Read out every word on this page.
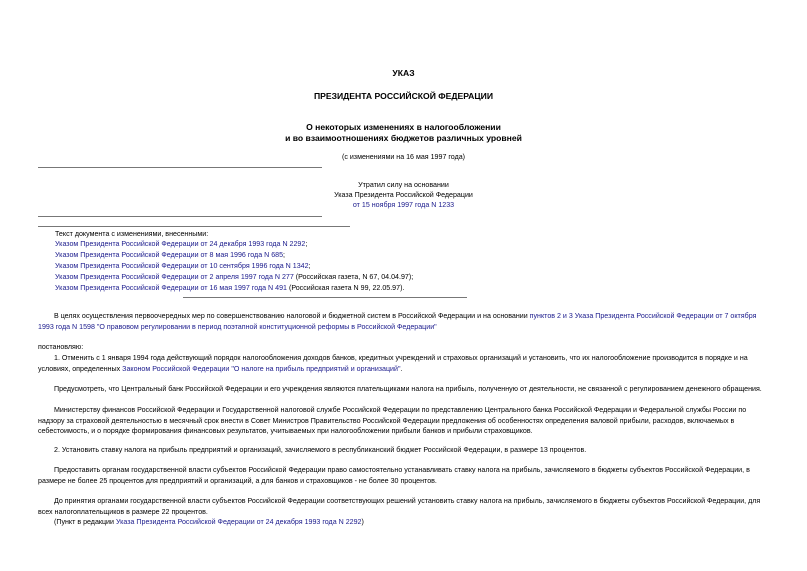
УКАЗ
ПРЕЗИДЕНТА РОССИЙСКОЙ ФЕДЕРАЦИИ
О некоторых изменениях в налогообложении
и во взаимоотношениях бюджетов различных уровней
(с изменениями на 16 мая 1997 года)
Утратил силу на основании
Указа Президента Российской Федерации
от 15 ноября 1997 года N 1233
Текст документа с изменениями, внесенными:
Указом Президента Российской Федерации от 24 декабря 1993 года N 2292;
Указом Президента Российской Федерации от 8 мая 1996 года N 685;
Указом Президента Российской Федерации от 10 сентября 1996 года N 1342;
Указом Президента Российской Федерации от 2 апреля 1997 года N 277 (Российская газета, N 67, 04.04.97);
Указом Президента Российской Федерации от 16 мая 1997 года N 491 (Российская газета N 99, 22.05.97).
В целях осуществления первоочередных мер по совершенствованию налоговой и бюджетной систем в Российской Федерации и на основании пунктов 2 и 3 Указа Президента Российской Федерации от 7 октября 1993 года N 1598 "О правовом регулировании в период поэтапной конституционной реформы в Российской Федерации"
постановляю:
1. Отменить с 1 января 1994 года действующий порядок налогообложения доходов банков, кредитных учреждений и страховых организаций и установить, что их налогообложение производится в порядке и на условиях, определенных Законом Российской Федерации "О налоге на прибыль предприятий и организаций".
Предусмотреть, что Центральный банк Российской Федерации и его учреждения являются плательщиками налога на прибыль, полученную от деятельности, не связанной с регулированием денежного обращения.
Министерству финансов Российской Федерации и Государственной налоговой службе Российской Федерации по представлению Центрального банка Российской Федерации и Федеральной службы России по надзору за страховой деятельностью в месячный срок внести в Совет Министров Правительство Российской Федерации предложения об особенностях определения валовой прибыли, расходов, включаемых в себестоимость, и о порядке формирования финансовых результатов, учитываемых при налогообложении прибыли банков и прибыли страховщиков.
2. Установить ставку налога на прибыль предприятий и организаций, зачисляемого в республиканский бюджет Российской Федерации, в размере 13 процентов.
Предоставить органам государственной власти субъектов Российской Федерации право самостоятельно устанавливать ставку налога на прибыль, зачисляемого в бюджеты субъектов Российской Федерации, в размере не более 25 процентов для предприятий и организаций, а для банков и страховщиков - не более 30 процентов.
До принятия органами государственной власти субъектов Российской Федерации соответствующих решений установить ставку налога на прибыль, зачисляемого в бюджеты субъектов Российской Федерации, для всех налогоплательщиков в размере 22 процентов.
(Пункт в редакции Указа Президента Российской Федерации от 24 декабря 1993 года N 2292)
